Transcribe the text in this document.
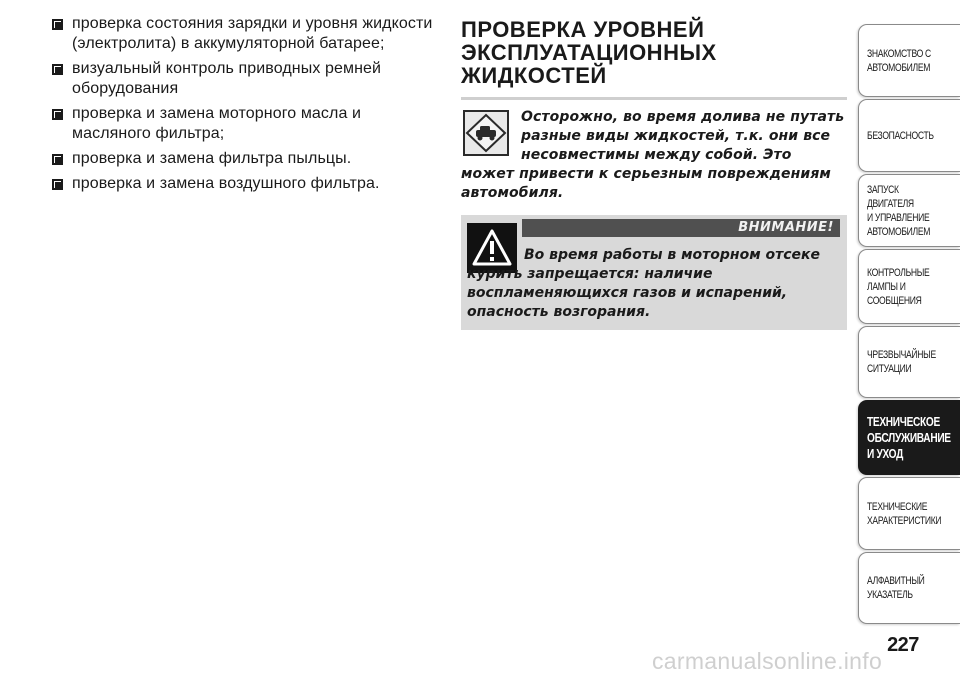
проверка состояния зарядки и уровня жидкости (электролита) в аккумуляторной батарее;
визуальный контроль приводных ремней оборудования
проверка и замена моторного масла и масляного фильтра;
проверка и замена фильтра пыльцы.
проверка и замена воздушного фильтра.
ПРОВЕРКА УРОВНЕЙ ЭКСПЛУАТАЦИОННЫХ ЖИДКОСТЕЙ
Осторожно, во время долива не путать разные виды жидкостей, т.к. они все несовместимы между собой. Это может привести к серьезным повреждениям автомобиля.
ВНИМАНИЕ!
Во время работы в моторном отсеке курить запрещается: наличие воспламеняющихся газов и испарений, опасность возгорания.
ЗНАКОМСТВО С
АВТОМОБИЛЕМ
БЕЗОПАСНОСТЬ
ЗАПУСК ДВИГАТЕЛЯ
И УПРАВЛЕНИЕ
АВТОМОБИЛЕМ
КОНТРОЛЬНЫЕ
ЛАМПЫ И
СООБЩЕНИЯ
ЧРЕЗВЫЧАЙНЫЕ
СИТУАЦИИ
ТЕХНИЧЕСКОЕ
ОБСЛУЖИВАНИЕ
И УХОД
ТЕХНИЧЕСКИЕ
ХАРАКТЕРИСТИКИ
АЛФАВИТНЫЙ
УКАЗАТЕЛЬ
227
carmanualsonline.info
